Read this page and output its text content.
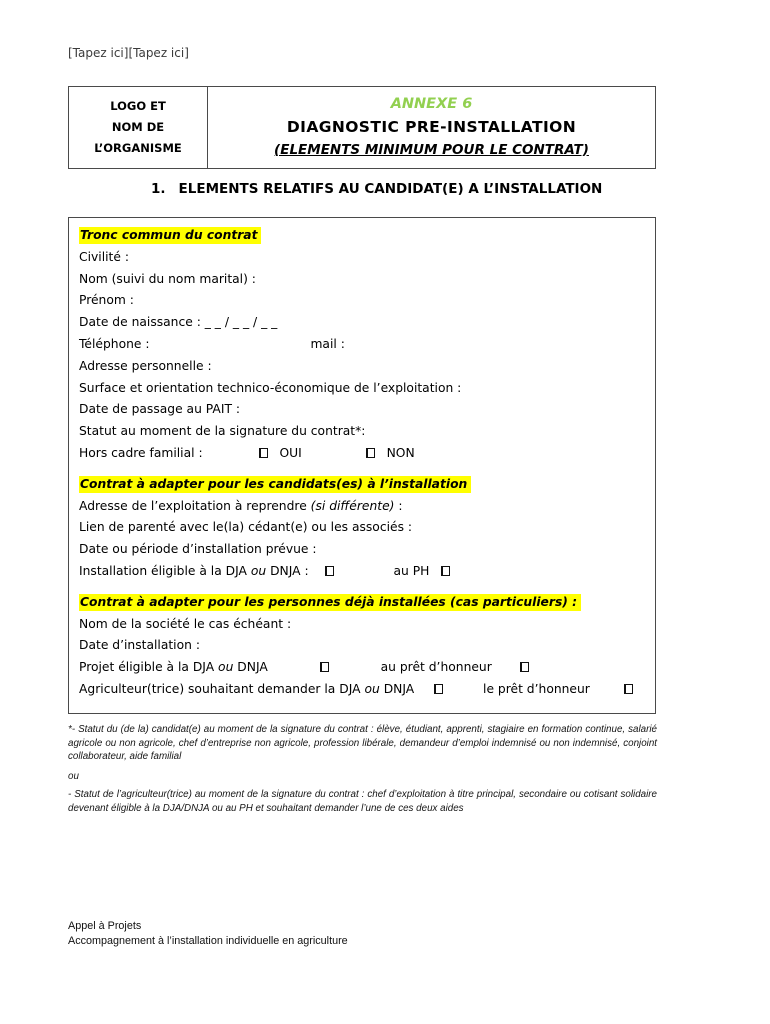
[Tapez ici][Tapez ici]
LOGO ET
NOM DE
L’ORGANISME

ANNEXE 6
DIAGNOSTIC PRE-INSTALLATION
(ELEMENTS MINIMUM POUR LE CONTRAT)
1. ELEMENTS RELATIFS AU CANDIDAT(E) A L’INSTALLATION
Tronc commun du contrat
Civilité :
Nom (suivi du nom marital) :
Prénom :
Date de naissance : _ _ / _ _ / _ _
Téléphone :	mail :
Adresse personnelle :
Surface et orientation technico-économique de l’exploitation :
Date de passage au PAIT :
Statut au moment de la signature du contrat*:
Hors cadre familial :	OUI	NON
Contrat à adapter pour les candidats(es) à l’installation
Adresse de l’exploitation à reprendre (si différente) :
Lien de parenté avec le(la) cédant(e) ou les associés :
Date ou période d’installation prévue :
Installation éligible à la DJA ou DNJA :	au PH
Contrat à adapter pour les personnes déjà installées (cas particuliers) :
Nom de la société le cas échéant :
Date d’installation :
Projet éligible à la DJA ou DNJA	au prêt d’honneur
Agriculteur(trice) souhaitant demander la DJA ou DNJA	le prêt d’honneur
*- Statut du (de la) candidat(e) au moment de la signature du contrat : élève, étudiant, apprenti, stagiaire en formation continue, salarié agricole ou non agricole, chef d’entreprise non agricole, profession libérale, demandeur d’emploi indemnisé ou non indemnisé, conjoint collaborateur, aide familial
ou
- Statut de l’agriculteur(trice) au moment de la signature du contrat : chef d’exploitation à titre principal, secondaire ou cotisant solidaire devenant éligible à la DJA/DNJA ou au PH et souhaitant demander l’une de ces deux aides
Appel à Projets
Accompagnement à l’installation individuelle en agriculture
